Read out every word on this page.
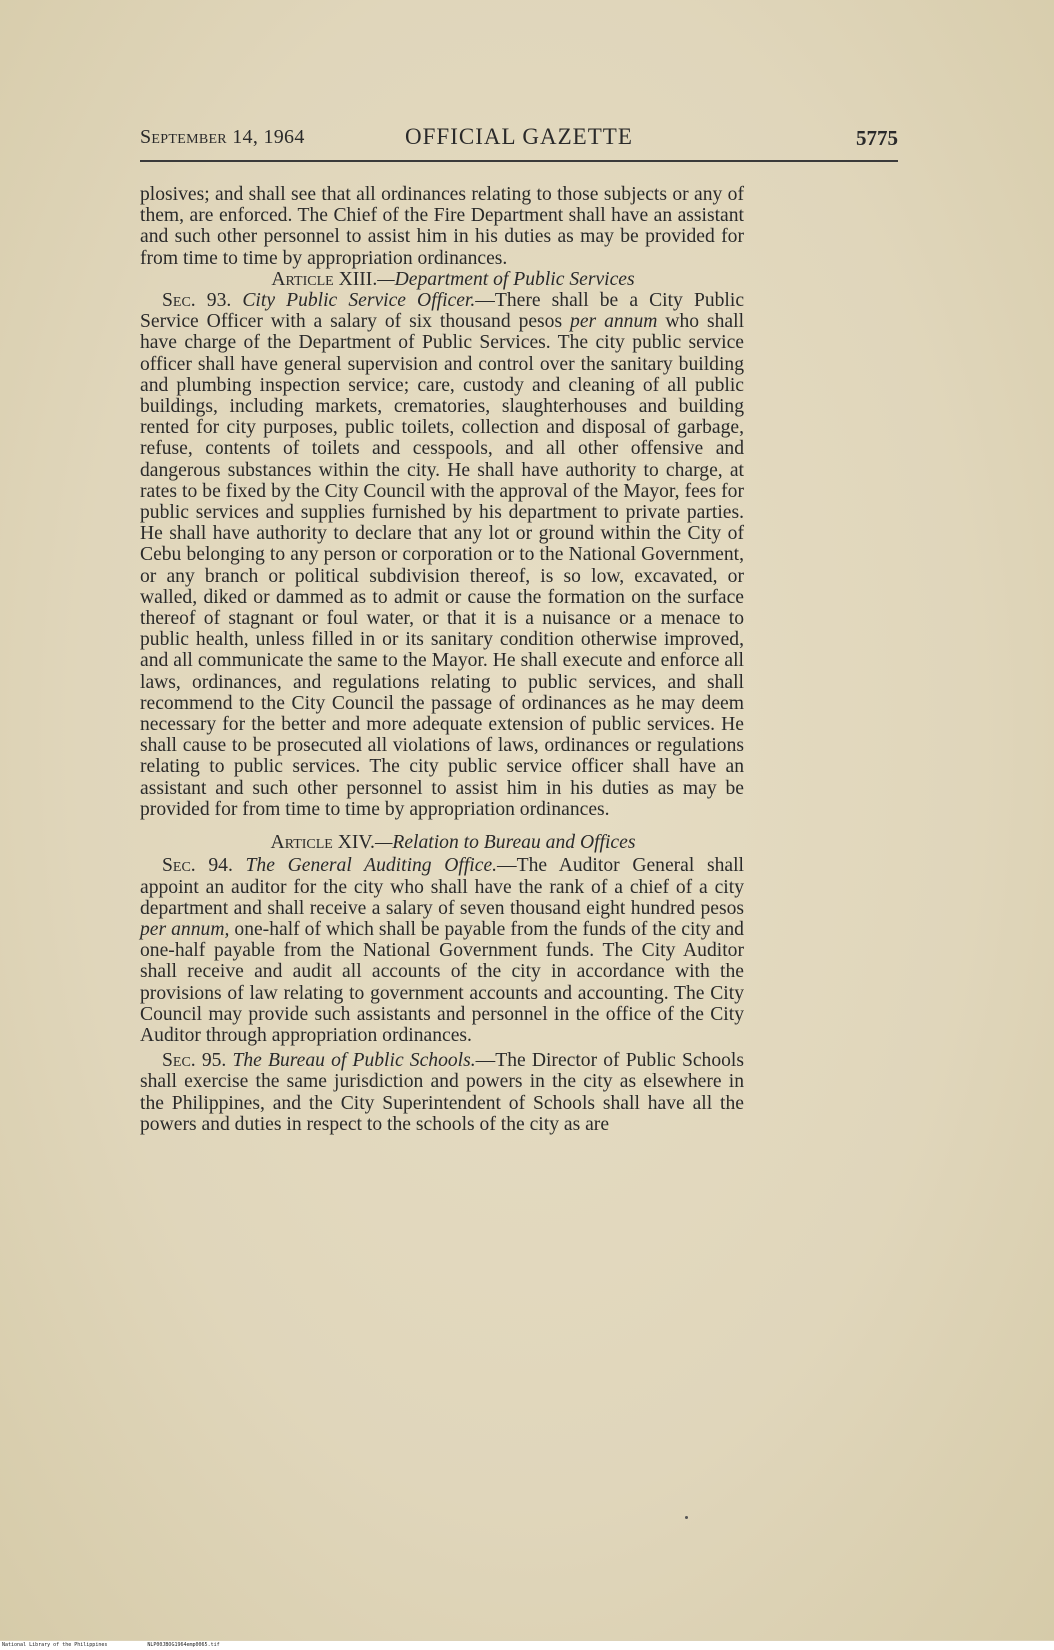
September 14, 1964	OFFICIAL GAZETTE	5775

plosives; and shall see that all ordinances relating to those subjects or any of them, are enforced. The Chief of the Fire Department shall have an assistant and such other personnel to assist him in his duties as may be provided for from time to time by appropriation ordinances.

Article XIII.—Department of Public Services

Sec. 93. City Public Service Officer.—There shall be a City Public Service Officer with a salary of six thousand pesos per annum who shall have charge of the Department of Public Services. The city public service officer shall have general supervision and control over the sanitary building and plumbing inspection service; care, custody and cleaning of all public buildings, including markets, crematories, slaughterhouses and building rented for city purposes, public toilets, collection and disposal of garbage, refuse, contents of toilets and cesspools, and all other offensive and dangerous substances within the city. He shall have authority to charge, at rates to be fixed by the City Council with the approval of the Mayor, fees for public services and supplies furnished by his department to private parties. He shall have authority to declare that any lot or ground within the City of Cebu belonging to any person or corporation or to the National Government, or any branch or political subdivision thereof, is so low, excavated, or walled, diked or dammed as to admit or cause the formation on the surface thereof of stagnant or foul water, or that it is a nuisance or a menace to public health, unless filled in or its sanitary condition otherwise improved, and all communicate the same to the Mayor. He shall execute and enforce all laws, ordinances, and regulations relating to public services, and shall recommend to the City Council the passage of ordinances as he may deem necessary for the better and more adequate extension of public services. He shall cause to be prosecuted all violations of laws, ordinances or regulations relating to public services. The city public service officer shall have an assistant and such other personnel to assist him in his duties as may be provided for from time to time by appropriation ordinances.

Article XIV.—Relation to Bureau and Offices

Sec. 94. The General Auditing Office.—The Auditor General shall appoint an auditor for the city who shall have the rank of a chief of a city department and shall receive a salary of seven thousand eight hundred pesos per annum, one-half of which shall be payable from the funds of the city and one-half payable from the National Government funds. The City Auditor shall receive and audit all accounts of the city in accordance with the provisions of law relating to government accounts and accounting. The City Council may provide such assistants and personnel in the office of the City Auditor through appropriation ordinances.

Sec. 95. The Bureau of Public Schools.—The Director of Public Schools shall exercise the same jurisdiction and powers in the city as elsewhere in the Philippines, and the City Superintendent of Schools shall have all the powers and duties in respect to the schools of the city as are

National Library of the Philippines	NLP00JBOG1964emp0065.tif
